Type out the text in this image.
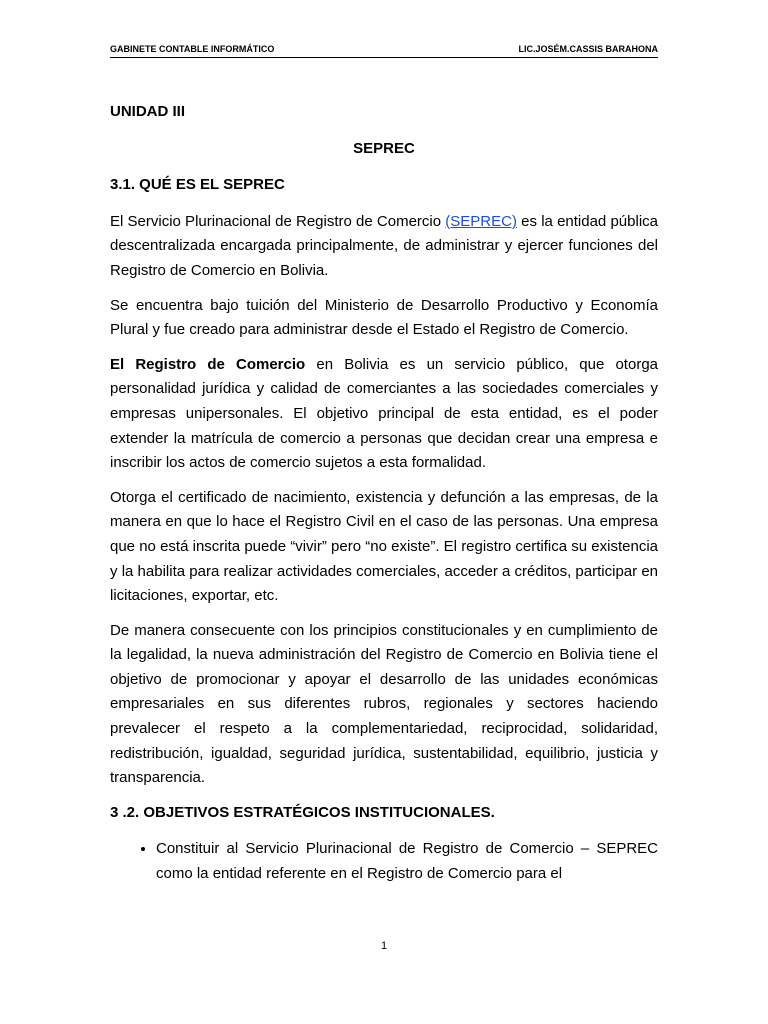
GABINETE CONTABLE INFORMÁTICO	LIC.JOSÉM.CASSIS BARAHONA
UNIDAD III
SEPREC
3.1. QUÉ ES EL SEPREC

El Servicio Plurinacional de Registro de Comercio (SEPREC) es la entidad pública descentralizada encargada principalmente, de administrar y ejercer funciones del Registro de Comercio en Bolivia.

Se encuentra bajo tuición del Ministerio de Desarrollo Productivo y Economía Plural y fue creado para administrar desde el Estado el Registro de Comercio.

El Registro de Comercio en Bolivia es un servicio público, que otorga personalidad jurídica y calidad de comerciantes a las sociedades comerciales y empresas unipersonales. El objetivo principal de esta entidad, es el poder extender la matrícula de comercio a personas que decidan crear una empresa e inscribir los actos de comercio sujetos a esta formalidad.

Otorga el certificado de nacimiento, existencia y defunción a las empresas, de la manera en que lo hace el Registro Civil en el caso de las personas. Una empresa que no está inscrita puede “vivir” pero “no existe”. El registro certifica su existencia y la habilita para realizar actividades comerciales, acceder a créditos, participar en licitaciones, exportar, etc.

De manera consecuente con los principios constitucionales y en cumplimiento de la legalidad, la nueva administración del Registro de Comercio en Bolivia tiene el objetivo de promocionar y apoyar el desarrollo de las unidades económicas empresariales en sus diferentes rubros, regionales y sectores haciendo prevalecer el respeto a la complementariedad, reciprocidad, solidaridad, redistribución, igualdad, seguridad jurídica, sustentabilidad, equilibrio, justicia y transparencia.

3 .2. OBJETIVOS ESTRATÉGICOS INSTITUCIONALES.
• Constituir al Servicio Plurinacional de Registro de Comercio – SEPREC como la entidad referente en el Registro de Comercio para el
1
